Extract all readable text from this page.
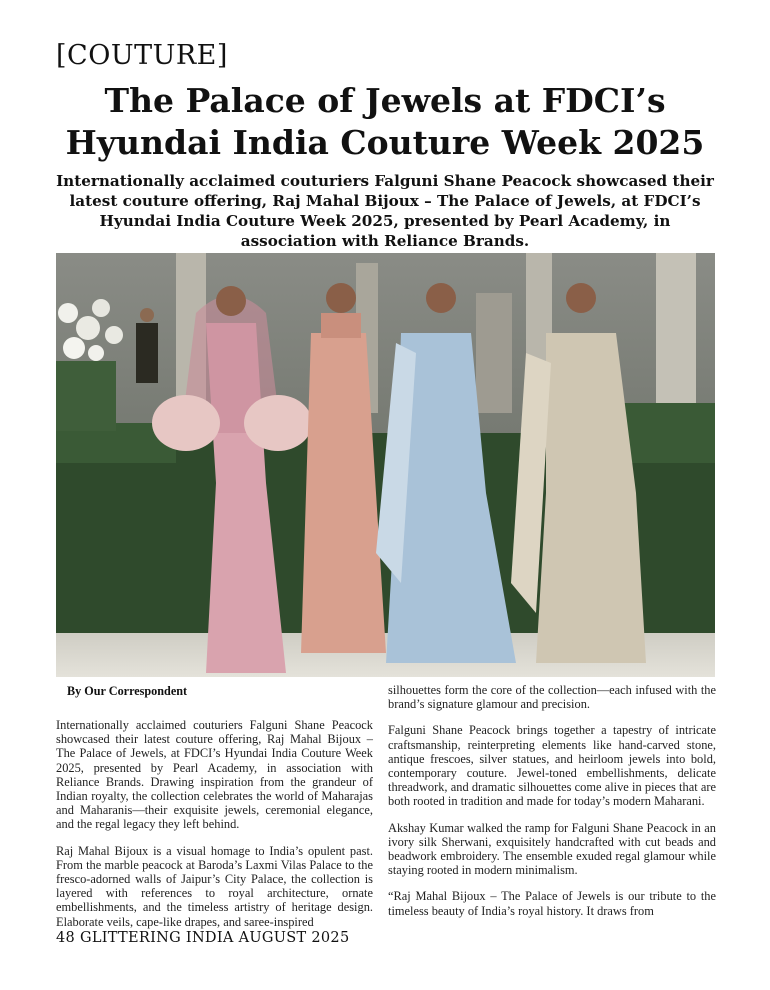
[COUTURE]
The Palace of Jewels at FDCI’s
Hyundai India Couture Week 2025
Internationally acclaimed couturiers Falguni Shane Peacock showcased their latest couture offering, Raj Mahal Bijoux – The Palace of Jewels, at FDCI’s Hyundai India Couture Week 2025, presented by Pearl Academy, in association with Reliance Brands.
By Our Correspondent

Internationally acclaimed couturiers Falguni Shane Peacock showcased their latest couture offering, Raj Mahal Bijoux – The Palace of Jewels, at FDCI’s Hyundai India Couture Week 2025, presented by Pearl Academy, in association with Reliance Brands. Drawing inspiration from the grandeur of Indian royalty, the collection celebrates the world of Maharajas and Maharanis—their exquisite jewels, ceremonial elegance, and the regal legacy they left behind.

Raj Mahal Bijoux is a visual homage to India’s opulent past. From the marble peacock at Baroda’s Laxmi Vilas Palace to the fresco-adorned walls of Jaipur’s City Palace, the collection is layered with references to royal architecture, ornate embellishments, and the timeless artistry of heritage design. Elaborate veils, cape-like drapes, and saree-inspired

silhouettes form the core of the collection—each infused with the brand’s signature glamour and precision.

Falguni Shane Peacock brings together a tapestry of intricate craftsmanship, reinterpreting elements like hand-carved stone, antique frescoes, silver statues, and heirloom jewels into bold, contemporary couture. Jewel-toned embellishments, delicate threadwork, and dramatic silhouettes come alive in pieces that are both rooted in tradition and made for today’s modern Maharani.

Akshay Kumar walked the ramp for Falguni Shane Peacock in an ivory silk Sherwani, exquisitely handcrafted with cut beads and beadwork embroidery. The ensemble exuded regal glamour while staying rooted in modern minimalism.

“Raj Mahal Bijoux – The Palace of Jewels is our tribute to the timeless beauty of India’s royal history. It draws from

48 GLITTERING INDIA AUGUST 2025
